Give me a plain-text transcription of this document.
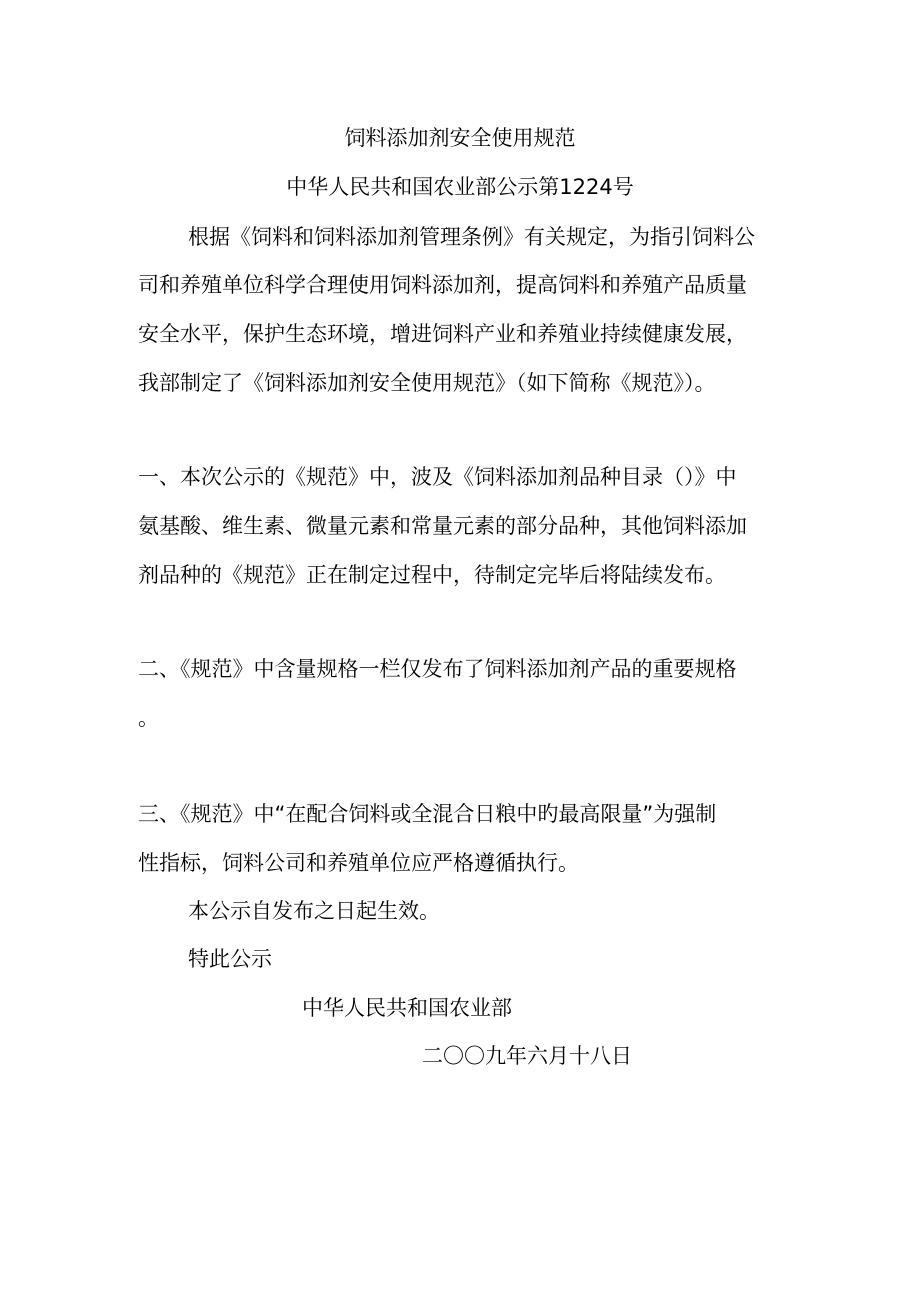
饲料添加剂安全使用规范
中华人民共和国农业部公示第1224号
根据《饲料和饲料添加剂管理条例》有关规定，为指引饲料公
司和养殖单位科学合理使用饲料添加剂，提高饲料和养殖产品质量
安全水平，保护生态环境，增进饲料产业和养殖业持续健康发展，
我部制定了《饲料添加剂安全使用规范》（如下简称《规范》）。
一、本次公示的《规范》中，波及《饲料添加剂品种目录（）》中
氨基酸、维生素、微量元素和常量元素的部分品种，其他饲料添加
剂品种的《规范》正在制定过程中，待制定完毕后将陆续发布。
二、《规范》中含量规格一栏仅发布了饲料添加剂产品的重要规格
。
三、《规范》中“在配合饲料或全混合日粮中旳最高限量”为强制
性指标，饲料公司和养殖单位应严格遵循执行。
本公示自发布之日起生效。
特此公示
中华人民共和国农业部
二〇〇九年六月十八日
